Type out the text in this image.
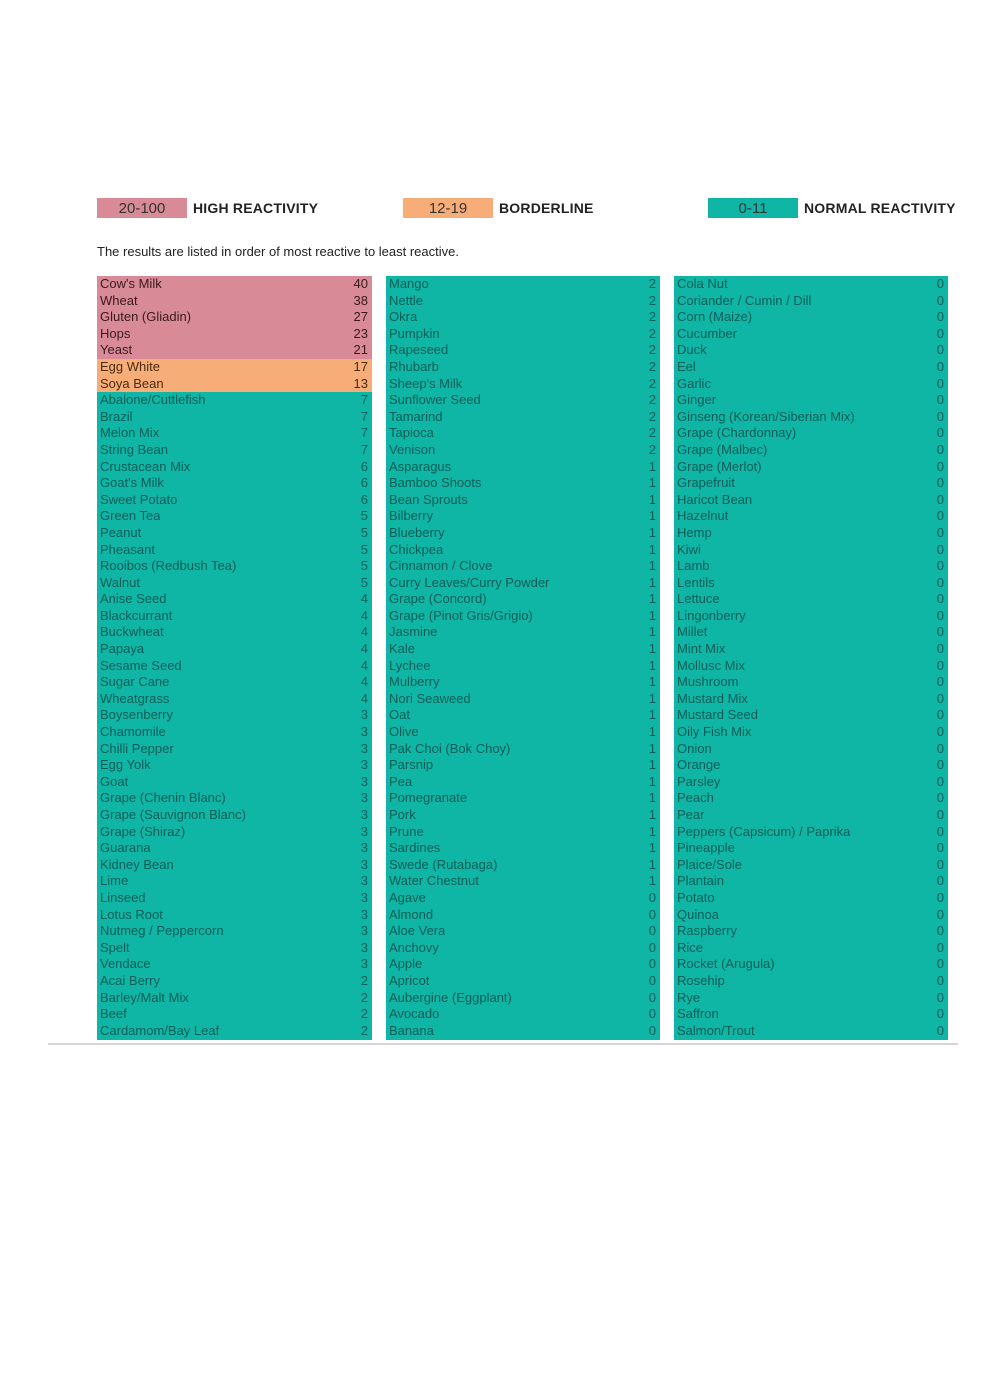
20-100	HIGH REACTIVITY	12-19	BORDERLINE	0-11	NORMAL REACTIVITY
The results are listed in order of most reactive to least reactive.
Cow's Milk	40
Wheat	38
Gluten (Gliadin)	27
Hops	23
Yeast	21
Egg White	17
Soya Bean	13
Abalone/Cuttlefish	7
Brazil	7
Melon Mix	7
String Bean	7
Crustacean Mix	6
Goat's Milk	6
Sweet Potato	6
Green Tea	5
Peanut	5
Pheasant	5
Rooibos (Redbush Tea)	5
Walnut	5
Anise Seed	4
Blackcurrant	4
Buckwheat	4
Papaya	4
Sesame Seed	4
Sugar Cane	4
Wheatgrass	4
Boysenberry	3
Chamomile	3
Chilli Pepper	3
Egg Yolk	3
Goat	3
Grape (Chenin Blanc)	3
Grape (Sauvignon Blanc)	3
Grape (Shiraz)	3
Guarana	3
Kidney Bean	3
Lime	3
Linseed	3
Lotus Root	3
Nutmeg / Peppercorn	3
Spelt	3
Vendace	3
Acai Berry	2
Barley/Malt Mix	2
Beef	2
Cardamom/Bay Leaf	2
Mango	2
Nettle	2
Okra	2
Pumpkin	2
Rapeseed	2
Rhubarb	2
Sheep's Milk	2
Sunflower Seed	2
Tamarind	2
Tapioca	2
Venison	2
Asparagus	1
Bamboo Shoots	1
Bean Sprouts	1
Bilberry	1
Blueberry	1
Chickpea	1
Cinnamon / Clove	1
Curry Leaves/Curry Powder	1
Grape (Concord)	1
Grape (Pinot Gris/Grigio)	1
Jasmine	1
Kale	1
Lychee	1
Mulberry	1
Nori Seaweed	1
Oat	1
Olive	1
Pak Choi (Bok Choy)	1
Parsnip	1
Pea	1
Pomegranate	1
Pork	1
Prune	1
Sardines	1
Swede (Rutabaga)	1
Water Chestnut	1
Agave	0
Almond	0
Aloe Vera	0
Anchovy	0
Apple	0
Apricot	0
Aubergine (Eggplant)	0
Avocado	0
Banana	0
Cola Nut	0
Coriander / Cumin / Dill	0
Corn (Maize)	0
Cucumber	0
Duck	0
Eel	0
Garlic	0
Ginger	0
Ginseng (Korean/Siberian Mix)	0
Grape (Chardonnay)	0
Grape (Malbec)	0
Grape (Merlot)	0
Grapefruit	0
Haricot Bean	0
Hazelnut	0
Hemp	0
Kiwi	0
Lamb	0
Lentils	0
Lettuce	0
Lingonberry	0
Millet	0
Mint Mix	0
Mollusc Mix	0
Mushroom	0
Mustard Mix	0
Mustard Seed	0
Oily Fish Mix	0
Onion	0
Orange	0
Parsley	0
Peach	0
Pear	0
Peppers (Capsicum) / Paprika	0
Pineapple	0
Plaice/Sole	0
Plantain	0
Potato	0
Quinoa	0
Raspberry	0
Rice	0
Rocket (Arugula)	0
Rosehip	0
Rye	0
Saffron	0
Salmon/Trout	0
